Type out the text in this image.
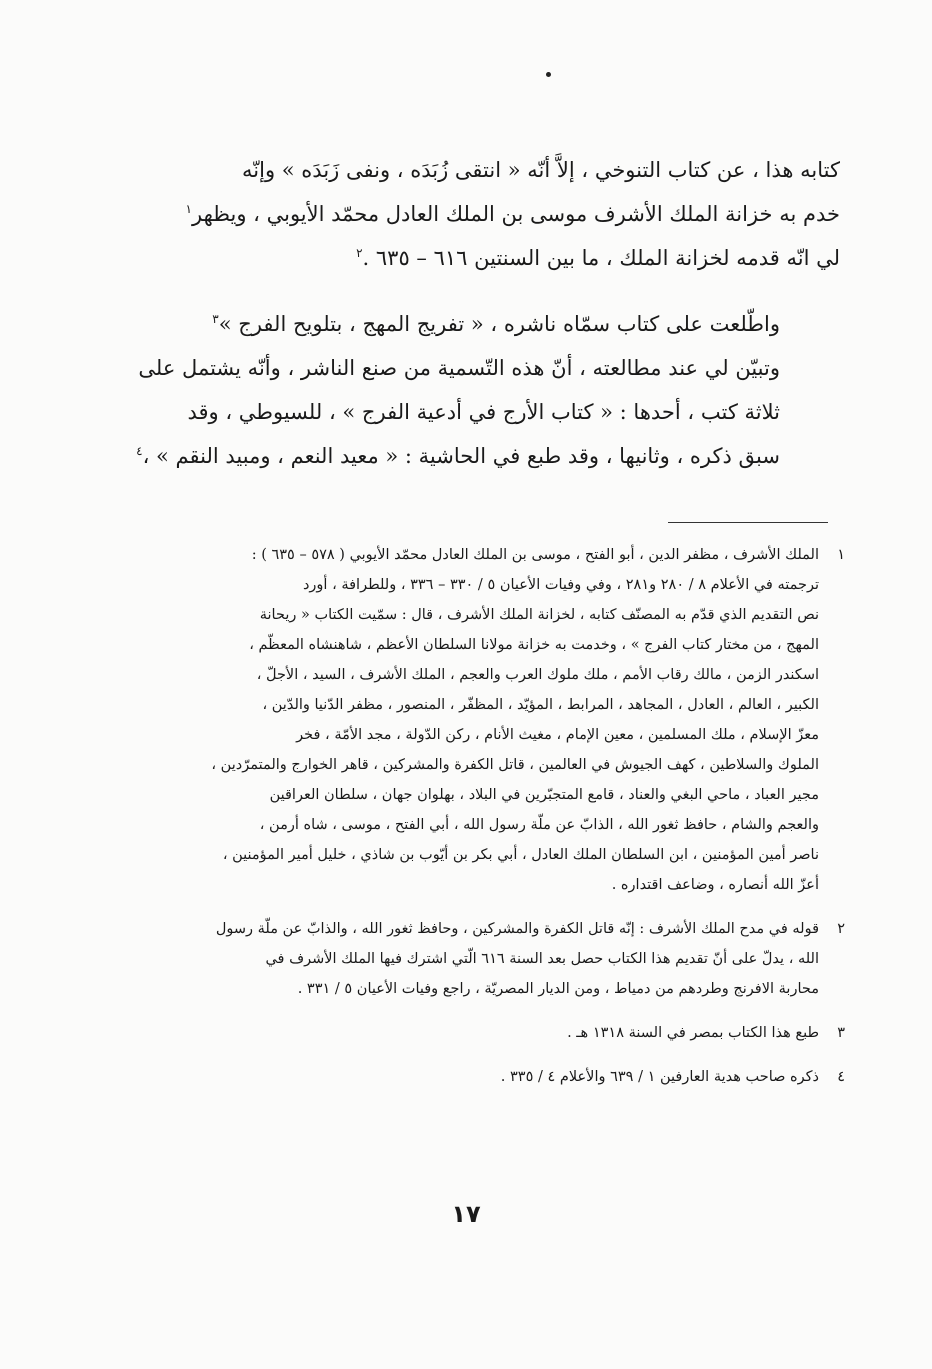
كتابه هذا ، عن كتاب التنوخي ، إلاَّ أنّه « انتقى زُبَدَه ، ونفى زَبَدَه » وإنّه
خدم به خزانة الملك الأشرف موسى بن الملك العادل محمّد الأيوبي ، ويظهر$^١$
لي انّه قدمه لخزانة الملك ، ما بين السنتين ٦١٦ – ٦٣٥ .$^٢$

واطّلعت على كتاب سمّاه ناشره ، « تفريج المهج ، بتلويح الفرج »$^٣$
وتبيّن لي عند مطالعته ، أنّ هذه التّسمية من صنع الناشر ، وأنّه يشتمل على
ثلاثة كتب ، أحدها : « كتاب الأرج في أدعية الفرج » ، للسيوطي ، وقد
سبق ذكره ، وثانيها ، وقد طبع في الحاشية : « معيد النعم ، ومبيد النقم » ،$^٤$

١
الملك الأشرف ، مظفر الدين ، أبو الفتح ، موسى بن الملك العادل محمّد الأيوبي ( ٥٧٨ – ٦٣٥ ) :
ترجمته في الأعلام ٨ / ٢٨٠ و٢٨١ ، وفي وفيات الأعيان ٥ / ٣٣٠ – ٣٣٦ ، وللطرافة ، أورد
نص التقديم الذي قدّم به المصنّف كتابه ، لخزانة الملك الأشرف ، قال : سمّيت الكتاب « ريحانة
المهج ، من مختار كتاب الفرج » ، وخدمت به خزانة مولانا السلطان الأعظم ، شاهنشاه المعظّم ،
اسكندر الزمن ، مالك رقاب الأمم ، ملك ملوك العرب والعجم ، الملك الأشرف ، السيد ، الأجلّ ،
الكبير ، العالم ، العادل ، المجاهد ، المرابط ، المؤيّد ، المظفّر ، المنصور ، مظفر الدّنيا والدّين ،
معزّ الإسلام ، ملك المسلمين ، معين الإمام ، مغيث الأنام ، ركن الدّولة ، مجد الأمّة ، فخر
الملوك والسلاطين ، كهف الجيوش في العالمين ، قاتل الكفرة والمشركين ، قاهر الخوارج والمتمرّدين ،
مجير العباد ، ماحي البغي والعناد ، قامع المتجبّرين في البلاد ، بهلوان جهان ، سلطان العراقين
والعجم والشام ، حافظ ثغور الله ، الذابّ عن ملّة رسول الله ، أبي الفتح ، موسى ، شاه أرمن ،
ناصر أمين المؤمنين ، ابن السلطان الملك العادل ، أبي بكر بن أيّوب بن شاذي ، خليل أمير المؤمنين ،
أعزّ الله أنصاره ، وضاعف اقتداره .
٢
قوله في مدح الملك الأشرف : إنّه قاتل الكفرة والمشركين ، وحافظ ثغور الله ، والذابّ عن ملّة رسول
الله ، يدلّ على أنّ تقديم هذا الكتاب حصل بعد السنة ٦١٦ الّتي اشترك فيها الملك الأشرف في
محاربة الافرنج وطردهم من دمياط ، ومن الديار المصريّة ، راجع وفيات الأعيان ٥ / ٣٣١ .
٣
طبع هذا الكتاب بمصر في السنة ١٣١٨ هـ .
٤
ذكره صاحب هدية العارفين ١ / ٦٣٩ والأعلام ٤ / ٣٣٥ .
١٧
